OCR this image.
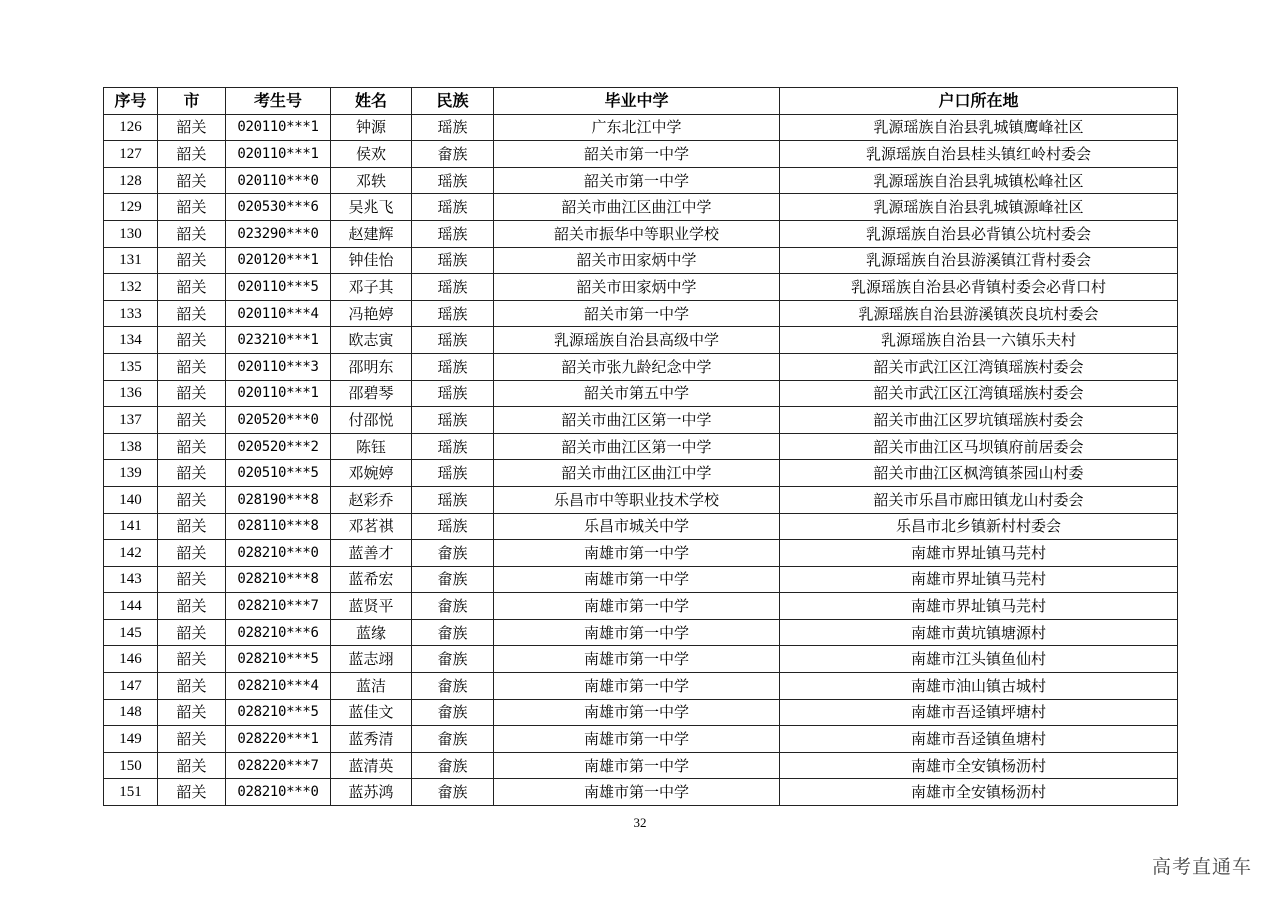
序号	市	考生号	姓名	民族	毕业中学	户口所在地
126	韶关	020110***1	钟源	瑶族	广东北江中学	乳源瑶族自治县乳城镇鹰峰社区
127	韶关	020110***1	侯欢	畲族	韶关市第一中学	乳源瑶族自治县桂头镇红岭村委会
128	韶关	020110***0	邓轶	瑶族	韶关市第一中学	乳源瑶族自治县乳城镇松峰社区
129	韶关	020530***6	吴兆飞	瑶族	韶关市曲江区曲江中学	乳源瑶族自治县乳城镇源峰社区
130	韶关	023290***0	赵建辉	瑶族	韶关市振华中等职业学校	乳源瑶族自治县必背镇公坑村委会
131	韶关	020120***1	钟佳怡	瑶族	韶关市田家炳中学	乳源瑶族自治县游溪镇江背村委会
132	韶关	020110***5	邓子其	瑶族	韶关市田家炳中学	乳源瑶族自治县必背镇村委会必背口村
133	韶关	020110***4	冯艳婷	瑶族	韶关市第一中学	乳源瑶族自治县游溪镇茨良坑村委会
134	韶关	023210***1	欧志寅	瑶族	乳源瑶族自治县高级中学	乳源瑶族自治县一六镇乐夫村
135	韶关	020110***3	邵明东	瑶族	韶关市张九龄纪念中学	韶关市武江区江湾镇瑶族村委会
136	韶关	020110***1	邵碧琴	瑶族	韶关市第五中学	韶关市武江区江湾镇瑶族村委会
137	韶关	020520***0	付邵悦	瑶族	韶关市曲江区第一中学	韶关市曲江区罗坑镇瑶族村委会
138	韶关	020520***2	陈钰	瑶族	韶关市曲江区第一中学	韶关市曲江区马坝镇府前居委会
139	韶关	020510***5	邓婉婷	瑶族	韶关市曲江区曲江中学	韶关市曲江区枫湾镇茶园山村委
140	韶关	028190***8	赵彩乔	瑶族	乐昌市中等职业技术学校	韶关市乐昌市廊田镇龙山村委会
141	韶关	028110***8	邓茗祺	瑶族	乐昌市城关中学	乐昌市北乡镇新村村委会
142	韶关	028210***0	蓝善才	畲族	南雄市第一中学	南雄市界址镇马芫村
143	韶关	028210***8	蓝希宏	畲族	南雄市第一中学	南雄市界址镇马芫村
144	韶关	028210***7	蓝贤平	畲族	南雄市第一中学	南雄市界址镇马芫村
145	韶关	028210***6	蓝缘	畲族	南雄市第一中学	南雄市黄坑镇塘源村
146	韶关	028210***5	蓝志翊	畲族	南雄市第一中学	南雄市江头镇鱼仙村
147	韶关	028210***4	蓝洁	畲族	南雄市第一中学	南雄市油山镇古城村
148	韶关	028210***5	蓝佳文	畲族	南雄市第一中学	南雄市吾迳镇坪塘村
149	韶关	028220***1	蓝秀清	畲族	南雄市第一中学	南雄市吾迳镇鱼塘村
150	韶关	028220***7	蓝清英	畲族	南雄市第一中学	南雄市全安镇杨沥村
151	韶关	028210***0	蓝苏鸿	畲族	南雄市第一中学	南雄市全安镇杨沥村
32
高考直通车
